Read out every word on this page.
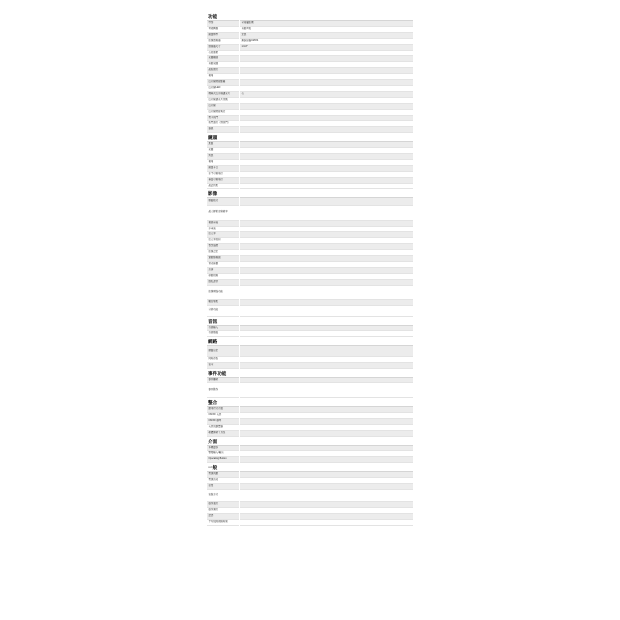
功能
型別	全景攝影機
晝夜轉換	自動晝夜
鏡頭類型	定焦
影像感測器	漸進掃描CMOS
感測器尺寸	1/1.8"
有效像素	
光圈範圍	
自動光圈	
最低照度	
視角	
紅外線照射距離	
紅外線LED	
機械式紅外線濾光片	有
紅外線濾光片切換	
紅外線	
紅外線照射角度	
電子快門	
快門速度（慢快門）	
雜訊	
鏡頭
焦距	
光圈	
對焦	
視角	
鏡頭卡口	
水平可視角度	
垂直可視角度	
最近對焦	
影像
壓縮格式	
最大解析度與幀率	
視訊串流	
多串流	
位元率	
位元率控制	
智慧編碼	
影像設定	
寬動態範圍	
背光補償	
去霧	
移動偵測	
隱私遮罩	
影像增強功能	
數位變焦	
分析功能	
音訊
音訊輸入	
音訊壓縮	
網路
網路協定	
同時存取	
安全	
事件功能
事件觸發	
事件動作	
整合
應用程式介面	
ONVIF 支援	
ONVIF 標準	
支援的瀏覽器	
軟體開發工具包	
介面
本機儲存	
警報輸入/輸出	
Operating Button	
一般
電源供應	
電源消耗	
重量	
安裝方式	
操作溫度	
操作濕度	
認證	
平均故障間隔時間	
